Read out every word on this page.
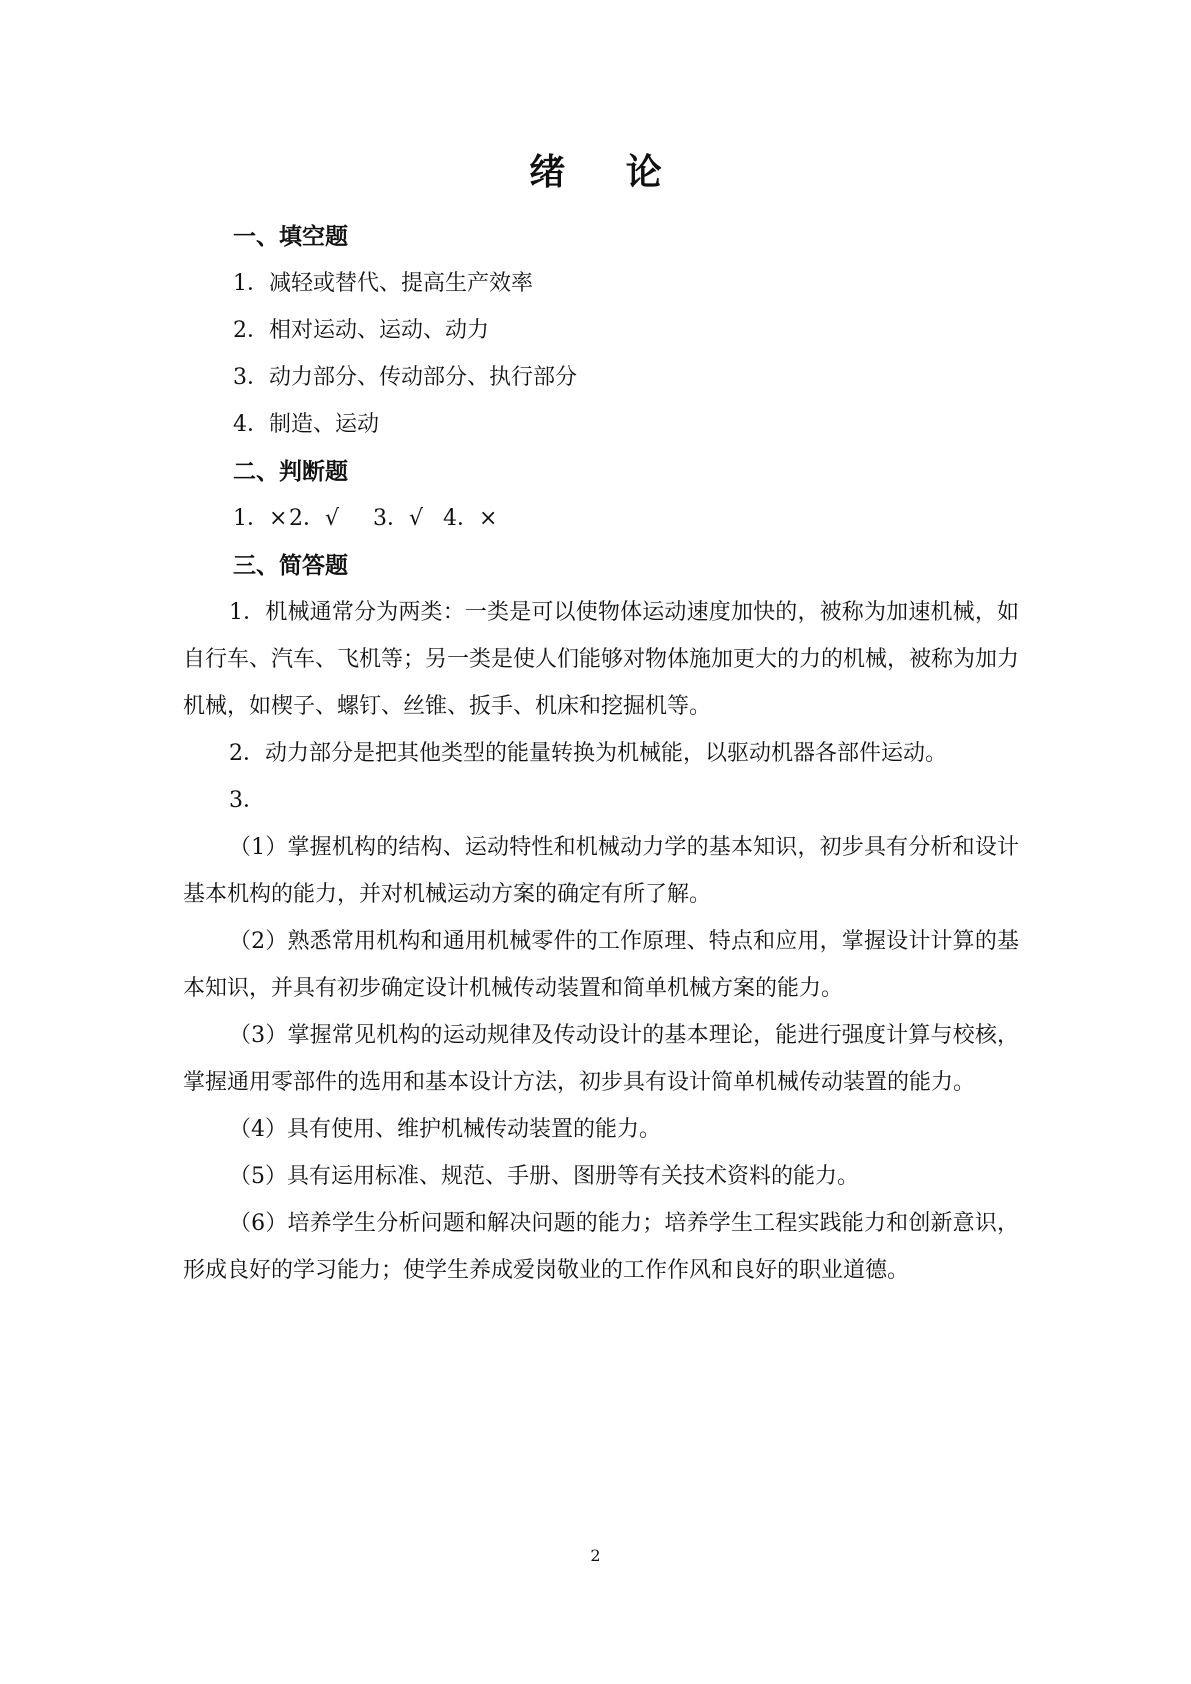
绪 论

一、填空题

1．减轻或替代、提高生产效率

2．相对运动、运动、动力

3．动力部分、传动部分、执行部分

4．制造、运动

二、判断题

1．×2．√ 3．√ 4．×

三、简答题

1．机械通常分为两类：一类是可以使物体运动速度加快的，被称为加速机械，如自行车、汽车、飞机等；另一类是使人们能够对物体施加更大的力的机械，被称为加力机械，如楔子、螺钉、丝锥、扳手、机床和挖掘机等。

2．动力部分是把其他类型的能量转换为机械能，以驱动机器各部件运动。

3．

（1）掌握机构的结构、运动特性和机械动力学的基本知识，初步具有分析和设计基本机构的能力，并对机械运动方案的确定有所了解。

（2）熟悉常用机构和通用机械零件的工作原理、特点和应用，掌握设计计算的基本知识，并具有初步确定设计机械传动装置和简单机械方案的能力。

（3）掌握常见机构的运动规律及传动设计的基本理论，能进行强度计算与校核，掌握通用零部件的选用和基本设计方法，初步具有设计简单机械传动装置的能力。

（4）具有使用、维护机械传动装置的能力。

（5）具有运用标准、规范、手册、图册等有关技术资料的能力。

（6）培养学生分析问题和解决问题的能力；培养学生工程实践能力和创新意识，形成良好的学习能力；使学生养成爱岗敬业的工作作风和良好的职业道德。

2
